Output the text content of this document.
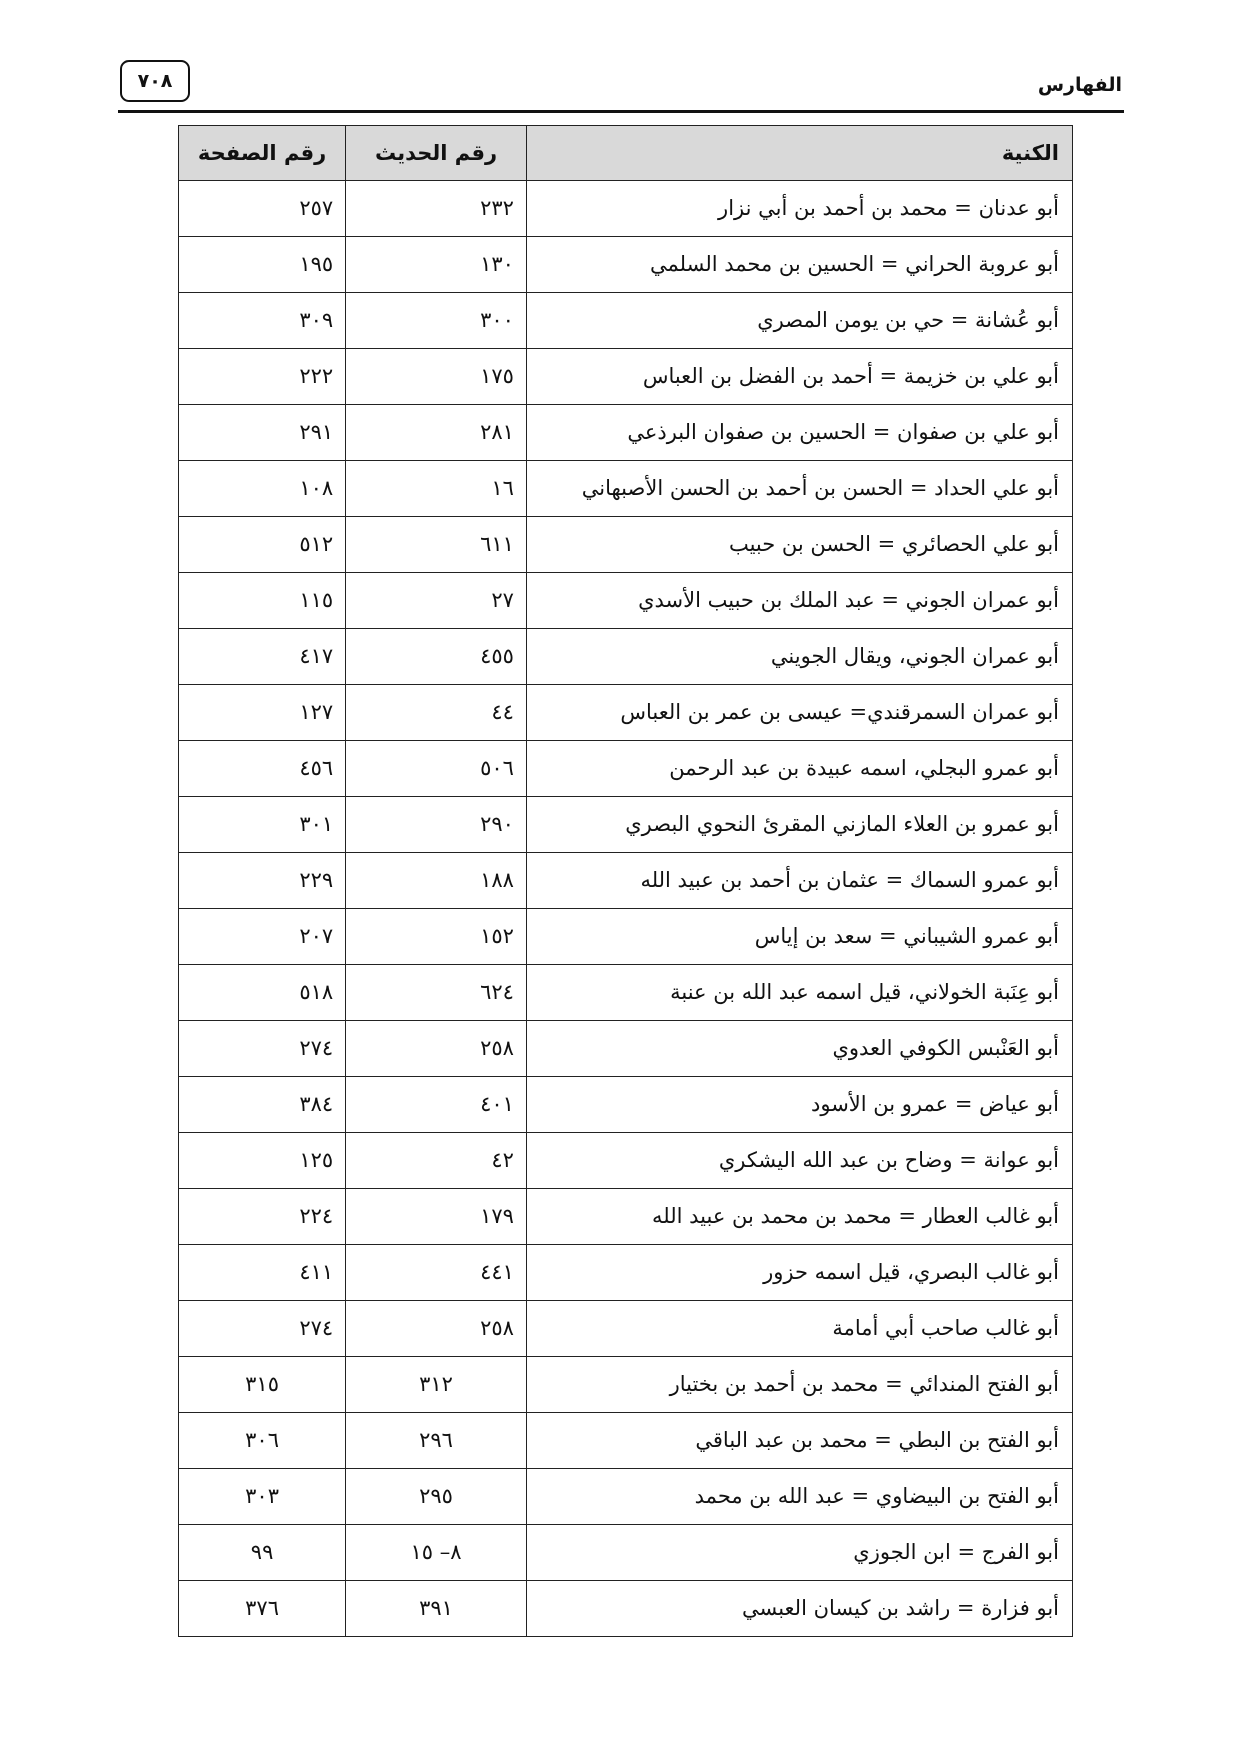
الفهارس
٧٠٨
الكنية	رقم الحديث	رقم الصفحة
أبو عدنان = محمد بن أحمد بن أبي نزار	٢٣٢	٢٥٧
أبو عروبة الحراني = الحسين بن محمد السلمي	١٣٠	١٩٥
أبو عُشانة = حي بن يومن المصري	٣٠٠	٣٠٩
أبو علي بن خزيمة = أحمد بن الفضل بن العباس	١٧٥	٢٢٢
أبو علي بن صفوان = الحسين بن صفوان البرذعي	٢٨١	٢٩١
أبو علي الحداد = الحسن بن أحمد بن الحسن الأصبهاني	١٦	١٠٨
أبو علي الحصائري = الحسن بن حبيب	٦١١	٥١٢
أبو عمران الجوني = عبد الملك بن حبيب الأسدي	٢٧	١١٥
أبو عمران الجوني، ويقال الجويني	٤٥٥	٤١٧
أبو عمران السمرقندي= عيسى بن عمر بن العباس	٤٤	١٢٧
أبو عمرو البجلي، اسمه عبيدة بن عبد الرحمن	٥٠٦	٤٥٦
أبو عمرو بن العلاء المازني المقرئ النحوي البصري	٢٩٠	٣٠١
أبو عمرو السماك = عثمان بن أحمد بن عبيد الله	١٨٨	٢٢٩
أبو عمرو الشيباني = سعد بن إياس	١٥٢	٢٠٧
أبو عِنَبة الخولاني، قيل اسمه عبد الله بن عنبة	٦٢٤	٥١٨
أبو العَنْبس الكوفي العدوي	٢٥٨	٢٧٤
أبو عياض = عمرو بن الأسود	٤٠١	٣٨٤
أبو عوانة = وضاح بن عبد الله اليشكري	٤٢	١٢٥
أبو غالب العطار = محمد بن محمد بن عبيد الله	١٧٩	٢٢٤
أبو غالب البصري، قيل اسمه حزور	٤٤١	٤١١
أبو غالب صاحب أبي أمامة	٢٥٨	٢٧٤
أبو الفتح المندائي = محمد بن أحمد بن بختيار	٣١٢	٣١٥
أبو الفتح بن البطي = محمد بن عبد الباقي	٢٩٦	٣٠٦
أبو الفتح بن البيضاوي = عبد الله بن محمد	٢٩٥	٣٠٣
أبو الفرج = ابن الجوزي	٨– ١٥	٩٩
أبو فزارة = راشد بن كيسان العبسي	٣٩١	٣٧٦
